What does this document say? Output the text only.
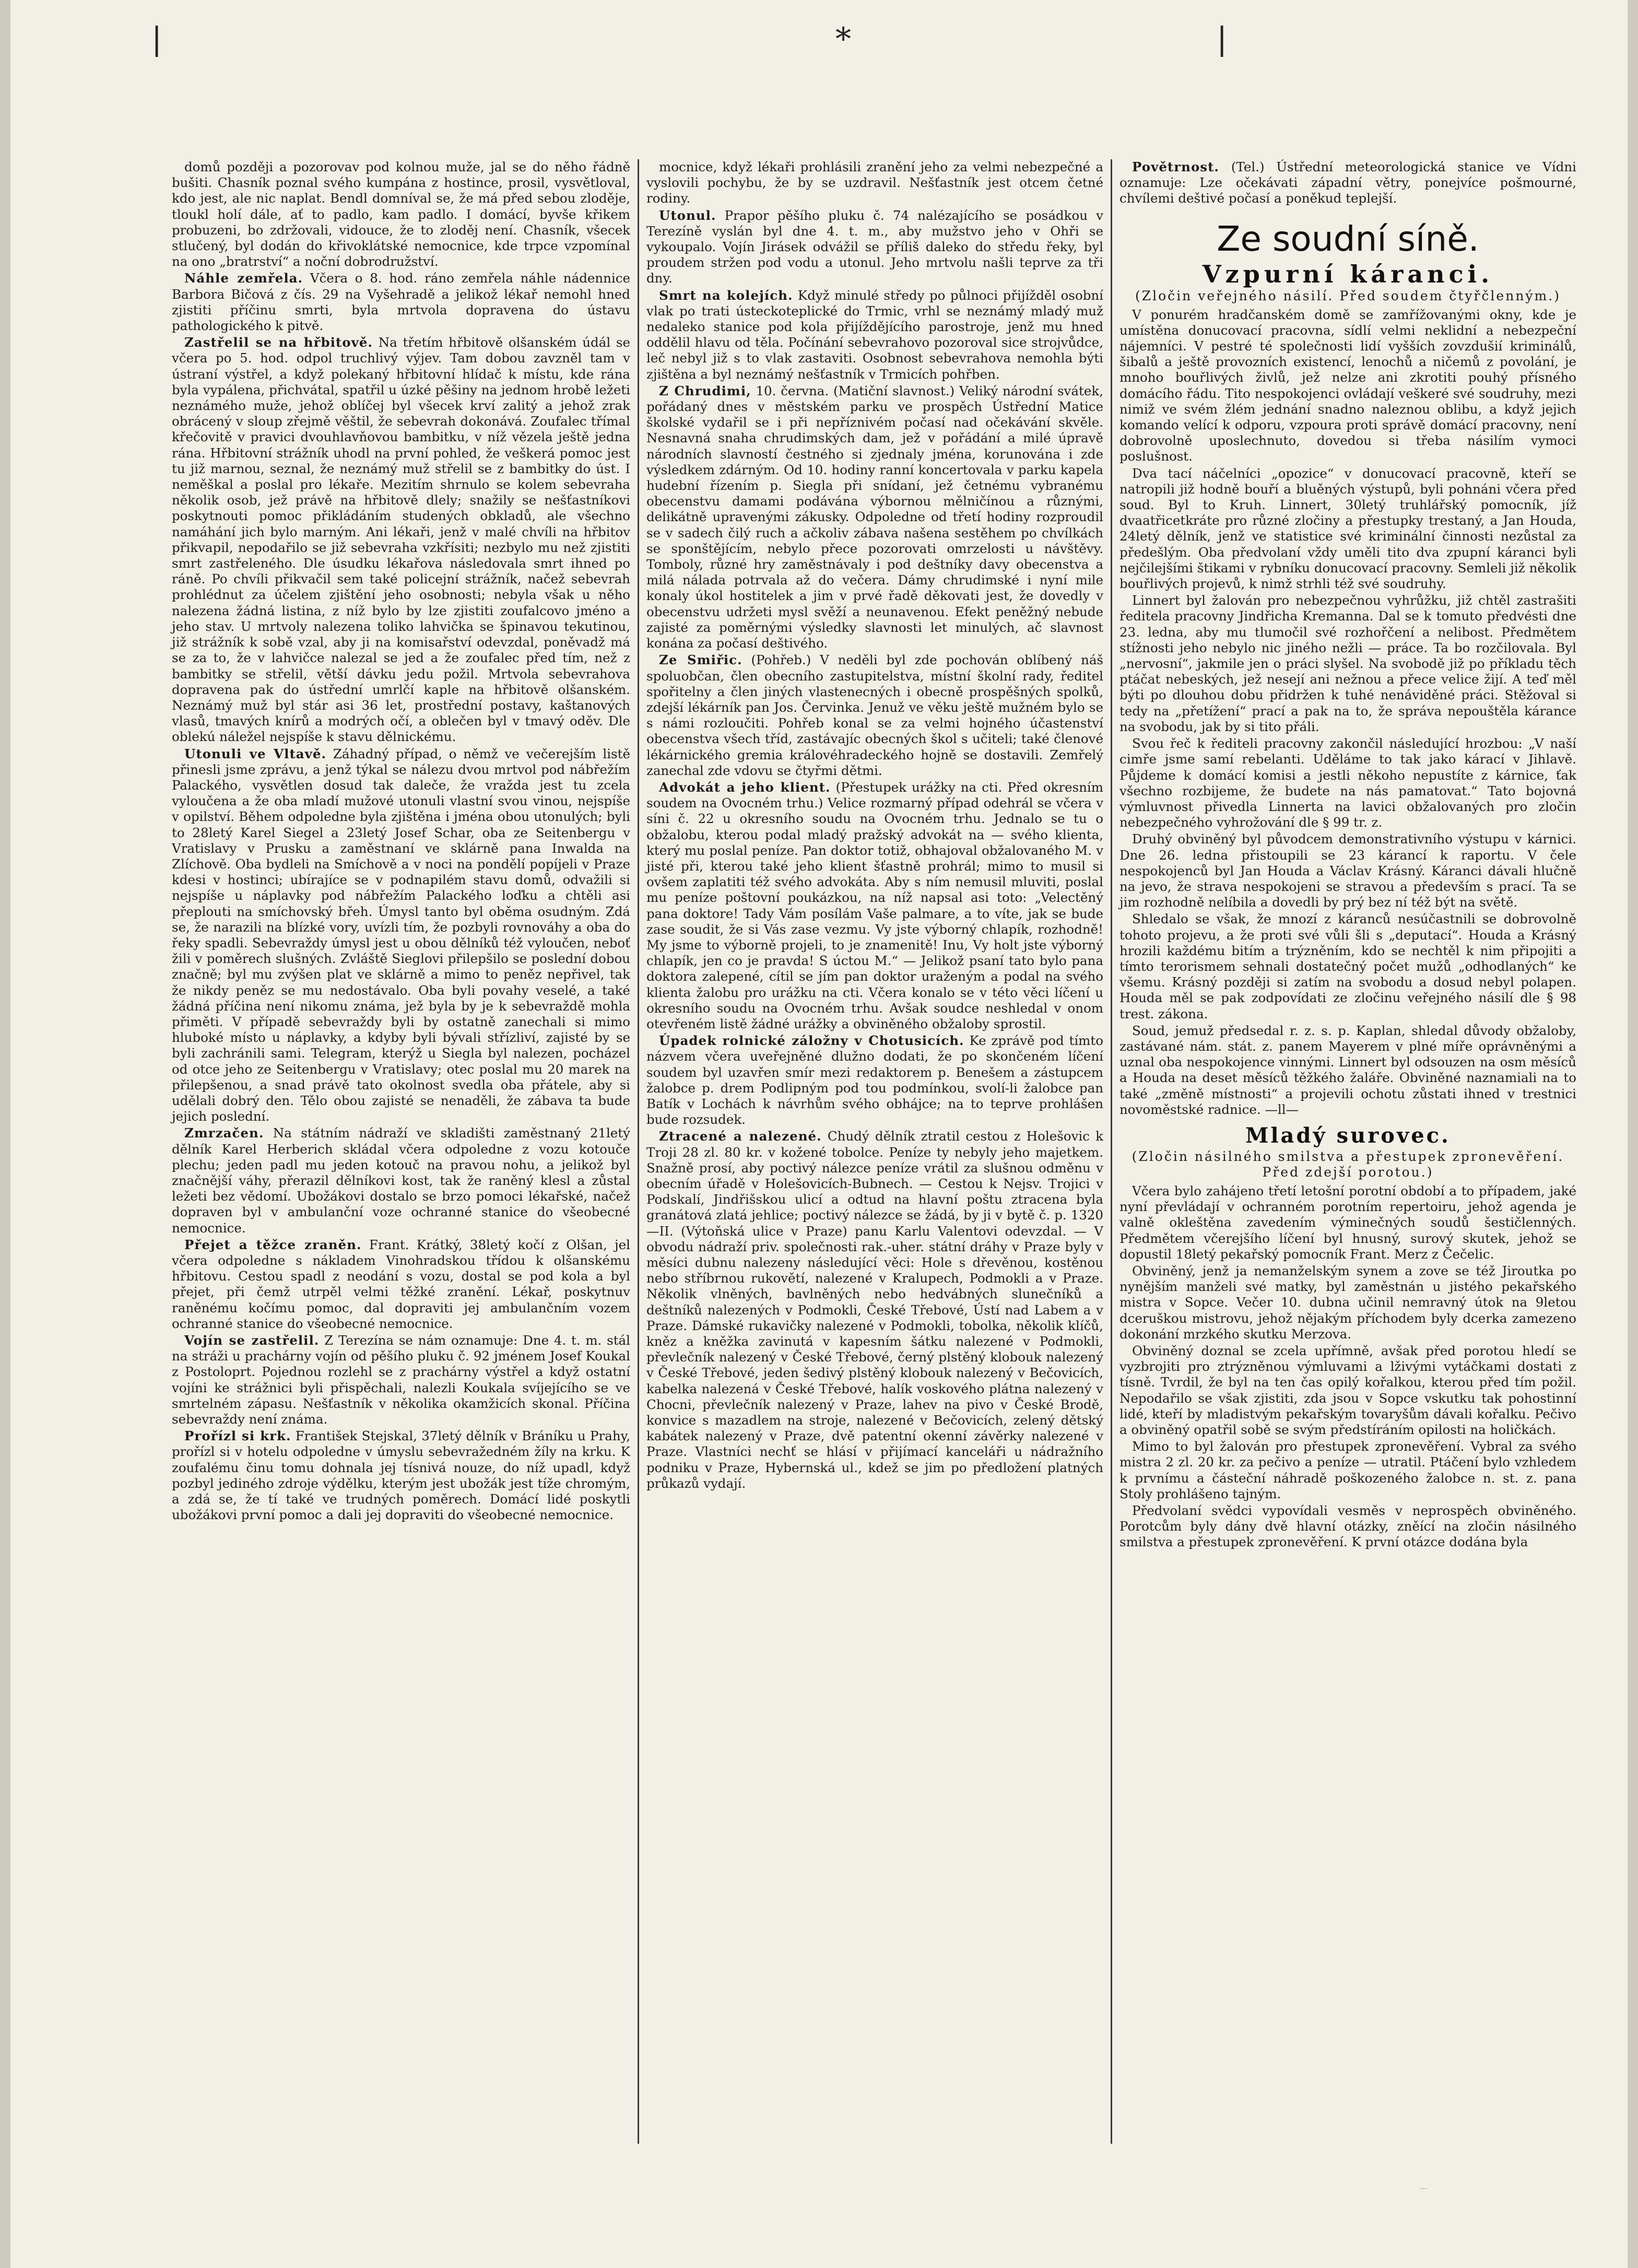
|	*	|

domů později a pozorovav pod kolnou muže, jal se do něho řádně bušiti. Chasník poznal svého kumpána z hostince, prosil, vysvětloval, kdo jest, ale nic naplat. Bendl domníval se, že má před sebou zloděje, tloukl holí dále, ať to padlo, kam padlo. I domácí, byvše křikem probuzeni, bo zdržovali, vidouce, že to zloděj není. Chasník, všecek stlučený, byl dodán do křivoklátské nemocnice, kde trpce vzpomínal na ono „bratrství“ a noční dobrodružství.

Náhle zemřela. Včera o 8. hod. ráno zemřela náhle nádennice Barbora Bičová z čís. 29 na Vyšehradě a jelikož lékař nemohl hned zjistiti příčinu smrti, byla mrtvola dopravena do ústavu pathologického k pitvě.

Zastřelil se na hřbitově. Na třetím hřbitově olšanském údál se včera po 5. hod. odpol truchlivý výjev. Tam dobou zavzněl tam v ústraní výstřel, a když polekaný hřbitovní hlídač k místu, kde rána byla vypálena, přichvátal, spatřil u úzké pěšiny na jednom hrobě ležeti neznámého muže, jehož oblíčej byl všecek krví zalitý a jehož zrak obrácený v sloup zřejmě věštil, že sebevrah dokonává. Zoufalec třímal křečovitě v pravici dvouhlavňovou bambitku, v níž vězela ještě jedna rána. Hřbitovní strážník uhodl na první pohled, že veškerá pomoc jest tu již marnou, seznal, že neznámý muž střelil se z bambitky do úst. I neměškal a poslal pro lékaře. Mezitím shrnulo se kolem sebevraha několik osob, jež právě na hřbitově dlely; snažily se nešťastníkovi poskytnouti pomoc přikládáním studených obkladů, ale všechno namáhání jich bylo marným. Ani lékaři, jenž v malé chvíli na hřbitov přikvapil, nepodařilo se již sebevraha vzkřísiti; nezbylo mu než zjistiti smrt zastřeleného. Dle úsudku lékařova následovala smrt ihned po ráně. Po chvíli přikvačil sem také policejní strážník, načež sebevrah prohlédnut za účelem zjištění jeho osobnosti; nebyla však u něho nalezena žádná listina, z níž bylo by lze zjistiti zoufalcovo jméno a jeho stav. U mrtvoly nalezena toliko lahvička se špinavou tekutinou, již strážník k sobě vzal, aby ji na komisařství odevzdal, poněvadž má se za to, že v lahvičce nalezal se jed a že zoufalec před tím, než z bambitky se střelil, větší dávku jedu požil. Mrtvola sebevrahova dopravena pak do ústřední umrlčí kaple na hřbitově olšanském. Neznámý muž byl stár asi 36 let, prostřední postavy, kaštanových vlasů, tmavých knírů a modrých očí, a oblečen byl v tmavý oděv. Dle oblekú náležel nejspíše k stavu dělnickému.

Utonuli ve Vltavě. Záhadný případ, o němž ve večerejším listě přinesli jsme zprávu, a jenž týkal se nálezu dvou mrtvol pod nábřežím Palackého, vysvětlen dosud tak daleče, že vražda jest tu zcela vyloučena a že oba mladí mužové utonuli vlastní svou vinou, nejspíše v opilství. Během odpoledne byla zjištěna i jména obou utonulých; byli to 28letý Karel Siegel a 23letý Josef Schar, oba ze Seitenbergu v Vratislavy v Prusku a zaměstnaní ve sklárně pana Inwalda na Zlíchově. Oba bydleli na Smíchově a v noci na pondělí popíjeli v Praze kdesi v hostinci; ubírajíce se v podnapilém stavu domů, odvažili si nejspíše u náplavky pod nábřežím Palackého loďku a chtěli asi přeplouti na smíchovský břeh. Úmysl tanto byl oběma osudným. Zdá se, že narazili na blízké vory, uvízli tím, že pozbyli rovnováhy a oba do řeky spadli. Sebevraždy úmysl jest u obou dělníků též vyloučen, neboť žili v poměrech slušných. Zvláště Sieglovi přilepšilo se poslední dobou značně; byl mu zvýšen plat ve sklárně a mimo to peněz nepřivel, tak že nikdy peněz se mu nedostávalo. Oba byli povahy veselé, a také žádná příčina není nikomu známa, jež byla by je k sebevraždě mohla přiměti. V případě sebevraždy byli by ostatně zanechali si mimo hluboké místo u náplavky, a kdyby byli bývali střízliví, zajisté by se byli zachránili sami. Telegram, kterýž u Siegla byl nalezen, pocházel od otce jeho ze Seitenbergu v Vratislavy; otec poslal mu 20 marek na přilepšenou, a snad právě tato okolnost svedla oba přátele, aby si udělali dobrý den. Tělo obou zajisté se nenaděli, že zábava ta bude jejich poslední.

Zmrzačen. Na státním nádraží ve skladišti zaměstnaný 21letý dělník Karel Herberich skládal včera odpoledne z vozu kotouče plechu; jeden padl mu jeden kotouč na pravou nohu, a jelikož byl značnější váhy, přerazil dělníkovi kost, tak že raněný klesl a zůstal ležeti bez vědomí. Ubožákovi dostalo se brzo pomoci lékařské, načež dopraven byl v ambulanční voze ochranné stanice do všeobecné nemocnice.

Přejet a těžce zraněn. Frant. Krátký, 38letý kočí z Olšan, jel včera odpoledne s nákladem Vinohradskou třídou k olšanskému hřbitovu. Cestou spadl z neodání s vozu, dostal se pod kola a byl přejet, při čemž utrpěl velmi těžké zranění. Lékař, poskytnuv raněnému kočímu pomoc, dal dopraviti jej ambulančním vozem ochranné stanice do všeobecné nemocnice.

Vojín se zastřelil. Z Terezína se nám oznamuje: Dne 4. t. m. stál na stráži u prachárny vojín od pěšího pluku č. 92 jménem Josef Koukal z Postoloprt. Pojednou rozlehl se z prachárny výstřel a když ostatní vojíni ke strážnici byli přispěchali, nalezli Koukala svíjejícího se ve smrtelném zápasu. Nešťastník v několika okamžicích skonal. Příčina sebevraždy není známa.

Prořízl si krk. František Stejskal, 37letý dělník v Bráníku u Prahy, prořízl si v hotelu odpoledne v úmyslu sebevražedném žíly na krku. K zoufalému činu tomu dohnala jej tísnivá nouze, do níž upadl, když pozbyl jediného zdroje výdělku, kterým jest ubožák jest tíže chromým, a zdá se, že tí také ve trudných poměrech. Domácí lidé poskytli ubožákovi první pomoc a dali jej dopraviti do všeobecné nemocnice.

mocnice, když lékaři prohlásili zranění jeho za velmi nebezpečné a vyslovili pochybu, že by se uzdravil. Nešťastník jest otcem četné rodiny.

Utonul. Prapor pěšího pluku č. 74 nalézajícího se posádkou v Terezíně vyslán byl dne 4. t. m., aby mužstvo jeho v Ohři se vykoupalo. Vojín Jirásek odvážil se příliš daleko do středu řeky, byl proudem stržen pod vodu a utonul. Jeho mrtvolu našli teprve za tři dny.

Smrt na kolejích. Když minulé středy po půlnoci přijížděl osobní vlak po trati ústeckoteplické do Trmic, vrhl se neznámý mladý muž nedaleko stanice pod kola přijíždějícího parostroje, jenž mu hned oddělil hlavu od těla. Počínání sebevrahovo pozoroval sice strojvůdce, leč nebyl již s to vlak zastaviti. Osobnost sebevrahova nemohla býti zjištěna a byl neznámý nešťastník v Trmicích pohřben.

Z Chrudimi, 10. června. (Matiční slavnost.) Veliký národní svátek, pořádaný dnes v městském parku ve prospěch Ústřední Matice školské vydařil se i při nepříznivém počasí nad očekávání skvěle. Nesnavná snaha chrudimských dam, jež v pořádání a milé úpravě národních slavností čestného si zjednaly jména, korunována i zde výsledkem zdárným. Od 10. hodiny ranní koncertovala v parku kapela hudební řízením p. Siegla při snídaní, jež četnému vybranému obecenstvu damami podávána výbornou mělničínou a různými, delikátně upravenými zákusky. Odpoledne od třetí hodiny rozproudil se v sadech čilý ruch a ačkoliv zábava našena sestěhem po chvílkách se sponštějícím, nebylo přece pozorovati omrzelosti u návštěvy. Tomboly, různé hry zaměstnávaly i pod deštníky davy obecenstva a milá nálada potrvala až do večera. Dámy chrudimské i nyní mile konaly úkol hostitelek a jim v prvé řadě děkovati jest, že dovedly v obecenstvu udržeti mysl svěží a neunavenou. Efekt peněžný nebude zajisté za poměrnými výsledky slavnosti let minulých, ač slavnost konána za počasí deštivého.

Ze Smiřic. (Pohřeb.) V neděli byl zde pochován oblíbený náš spoluobčan, člen obecního zastupitelstva, místní školní rady, ředitel spořitelny a člen jiných vlastenecných i obecně prospěšných spolků, zdejší lékárník pan Jos. Červinka. Jenuž ve věku ještě mužném bylo se s námi rozloučiti. Pohřeb konal se za velmi hojného účastenství obecenstva všech tříd, zastávajíc obecných škol s učiteli; také členové lékárnického gremia královéhradeckého hojně se dostavili. Zemřelý zanechal zde vdovu se čtyřmi dětmi.

Advokát a jeho klient. (Přestupek urážky na cti. Před okresním soudem na Ovocném trhu.) Velice rozmarný případ odehrál se včera v síni č. 22 u okresního soudu na Ovocném trhu. Jednalo se tu o obžalobu, kterou podal mladý pražský advokát na — svého klienta, který mu poslal peníze. Pan doktor totiž, obhajoval obžalovaného M. v jisté při, kterou také jeho klient šťastně prohrál; mimo to musil si ovšem zaplatiti též svého advokáta. Aby s ním nemusil mluviti, poslal mu peníze poštovní poukázkou, na níž napsal asi toto: „Velectěný pana doktore! Tady Vám posílám Vaše palmare, a to víte, jak se bude zase soudit, že si Vás zase vezmu. Vy jste výborný chlapík, rozhodně! My jsme to výborně projeli, to je znamenitě! Inu, Vy holt jste výborný chlapík, jen co je pravda! S úctou M.“ — Jelikož psaní tato bylo pana doktora zalepené, cítil se jím pan doktor uraženým a podal na svého klienta žalobu pro urážku na cti. Včera konalo se v této věci líčení u okresního soudu na Ovocném trhu. Avšak soudce neshledal v onom otevřeném listě žádné urážky a obviněného obžaloby sprostil.

Úpadek rolnické záložny v Chotusicích. Ke zprávě pod tímto názvem včera uveřejněné dlužno dodati, že po skončeném líčení soudem byl uzavřen smír mezi redaktorem p. Benešem a zástupcem žalobce p. drem Podlipným pod tou podmínkou, svolí-li žalobce pan Batík v Lochách k návrhům svého obhájce; na to teprve prohlášen bude rozsudek.

Ztracené a nalezené. Chudý dělník ztratil cestou z Holešovic k Troji 28 zl. 80 kr. v kožené tobolce. Peníze ty nebyly jeho majetkem. Snažně prosí, aby poctivý nálezce peníze vrátil za slušnou odměnu v obecním úřadě v Holešovicích-Bubnech. — Cestou k Nejsv. Trojici v Podskalí, Jindřišskou ulicí a odtud na hlavní poštu ztracena byla granátová zlatá jehlice; poctivý nálezce se žádá, by ji v bytě č. p. 1320—II. (Výtoňská ulice v Praze) panu Karlu Valentovi odevzdal. — V obvodu nádraží priv. společnosti rak.-uher. státní dráhy v Praze byly v měsíci dubnu nalezeny následující věci: Hole s dřevěnou, kostěnou nebo stříbrnou rukovětí, nalezené v Kralupech, Podmokli a v Praze. Několik vlněných, bavlněných nebo hedvábných slunečníků a deštníků nalezených v Podmokli, České Třebové, Ústí nad Labem a v Praze. Dámské rukavičky nalezené v Podmokli, tobolka, několik klíčů, kněz a kněžka zavinutá v kapesním šátku nalezené v Podmokli, převlečník nalezený v České Třebové, černý plstěný klobouk nalezený v České Třebové, jeden šedivý plstěný klobouk nalezený v Bečovicích, kabelka nalezená v České Třebové, halík voskového plátna nalezený v Chocni, převlečník nalezený v Praze, lahev na pivo v České Brodě, konvice s mazadlem na stroje, nalezené v Bečovicích, zelený dětský kabátek nalezený v Praze, dvě patentní okenní závěrky nalezené v Praze. Vlastníci nechť se hlásí v přijímací kanceláři u nádražního podniku v Praze, Hybernská ul., kdež se jim po předložení platných průkazů vydají.

Povětrnost. (Tel.) Ústřední meteorologická stanice ve Vídni oznamuje: Lze očekávati západní větry, ponejvíce pošmourné, chvílemi deštivé počasí a poněkud teplejší.

Ze soudní síně.
Vzpurní káranci.
(Zločin veřejného násilí. Před soudem čtyřčlenným.)

V ponurém hradčanském domě se zamřížovanými okny, kde je umístěna donucovací pracovna, sídlí velmi neklidní a nebezpeční nájemníci. V pestré té společnosti lidí vyšších zovzdušií kriminálů, šibalů a ještě provozních existencí, lenochů a ničemů z povolání, je mnoho bouřlivých živlů, jež nelze ani zkrotiti pouhý přísného domácího řádu. Tito nespokojenci ovládají veškeré své soudruhy, mezi nimiž ve svém žlém jednání snadno naleznou oblibu, a když jejich komando velící k odporu, vzpoura proti správě domácí pracovny, není dobrovolně uposlechnuto, dovedou si třeba násilím vymoci poslušnost.

Dva tací náčelníci „opozice“ v donucovací pracovně, kteří se natropili již hodně bouří a bluěných výstupů, byli pohnáni včera před soud. Byl to Kruh. Linnert, 30letý truhlářský pomocník, jíž dvaatřicetkráte pro různé zločiny a přestupky trestaný, a Jan Houda, 24letý dělník, jenž ve statistice své kriminální činnosti nezůstal za předešlým. Oba předvolaní vždy uměli tito dva zpupní káranci byli nejčilejšími štikami v rybníku donucovací pracovny. Semleli již několik bouřlivých projevů, k nimž strhli též své soudruhy.

Linnert byl žalován pro nebezpečnou vyhrůžku, již chtěl zastrašiti ředitela pracovny Jindřicha Kremanna. Dal se k tomuto předvésti dne 23. ledna, aby mu tlumočil své rozhořčení a nelibost. Předmětem stížnosti jeho nebylo nic jiného nežli — práce. Ta bo rozčilovala. Byl „nervosní“, jakmile jen o práci slyšel. Na svobodě již po příkladu těch ptáčat nebeských, jež nesejí ani nežnou a přece velice žijí. A teď měl býti po dlouhou dobu přidržen k tuhé nenáviděné práci. Stěžoval si tedy na „přetížení“ prací a pak na to, že správa nepouštěla kárance na svobodu, jak by si tito přáli.

Svou řeč k řediteli pracovny zakončil následující hrozbou: „V naší cimře jsme samí rebelanti. Uděláme to tak jako kárací v Jihlavě. Půjdeme k domácí komisi a jestli někoho nepustíte z kárnice, ťak všechno rozbijeme, že budete na nás pamatovat.“ Tato bojovná výmluvnost přivedla Linnerta na lavici obžalovaných pro zločin nebezpečného vyhrožování dle § 99 tr. z.

Druhý obviněný byl původcem demonstrativního výstupu v kárnici. Dne 26. ledna přistoupili se 23 kárancí k raportu. V čele nespokojenců byl Jan Houda a Václav Krásný. Káranci dávali hlučně na jevo, že strava nespokojeni se stravou a především s prací. Ta se jim rozhodně nelíbila a dovedli by prý bez ní též být na světě.

Shledalo se však, že mnozí z káranců nesúčastnili se dobrovolně tohoto projevu, a že proti své vůli šli s „deputací“. Houda a Krásný hrozili každému bitím a trýzněním, kdo se nechtěl k nim připojiti a tímto terorismem sehnali dostatečný počet mužů „odhodlaných“ ke všemu. Krásný později si zatím na svobodu a dosud nebyl polapen. Houda měl se pak zodpovídati ze zločinu veřejného násilí dle § 98 trest. zákona.

Soud, jemuž předsedal r. z. s. p. Kaplan, shledal důvody obžaloby, zastávané nám. stát. z. panem Mayerem v plné míře oprávněnými a uznal oba nespokojence vinnými. Linnert byl odsouzen na osm měsíců a Houda na deset měsíců těžkého žaláře. Obviněné naznamiali na to také „změně místnosti“ a projevili ochotu zůstati ihned v trestnici novoměstské radnice. —ll—

Mladý surovec.
(Zločin násilného smilstva a přestupek zpronevěření. Před zdejší porotou.)

Včera bylo zahájeno třetí letošní porotní období a to případem, jaké nyní převládají v ochranném porotním repertoiru, jehož agenda je valně okleštěna zavedením výminečných soudů šestičlenných. Předmětem včerejšího líčení byl hnusný, surový skutek, jehož se dopustil 18letý pekařský pomocník Frant. Merz z Čečelic.

Obviněný, jenž ja nemanželským synem a zove se též Jiroutka po nynějším manželi své matky, byl zaměstnán u jistého pekařského mistra v Sopce. Večer 10. dubna učinil nemravný útok na 9letou dceruškou mistrovu, jehož nějakým příchodem byly dcerka zamezeno dokonání mrzkého skutku Merzova.

Obviněný doznal se zcela upřímně, avšak před porotou hledí se vyzbrojiti pro ztrýzněnou výmluvami a lživými vytáčkami dostati z tísně. Tvrdil, že byl na ten čas opilý kořalkou, kterou před tím požil. Nepodařilo se však zjistiti, zda jsou v Sopce vskutku tak pohostinní lidé, kteří by mladistvým pekařským tovaryšům dávali kořalku. Pečivo a obviněný opatřil sobě se svým předstíráním opilosti na holičkách.

Mimo to byl žalován pro přestupek zpronevěření. Vybral za svého mistra 2 zl. 20 kr. za pečivo a peníze — utratil. Ptáčení bylo vzhledem k prvnímu a částeční náhradě poškozeného žalobce n. st. z. pana Stoly prohlášeno tajným.

Předvolaní svědci vypovídali vesměs v neprospěch obviněného. Porotcům byly dány dvě hlavní otázky, zněící na zločin násilného smilstva a přestupek zpronevěření. K první otázce dodána byla

...
